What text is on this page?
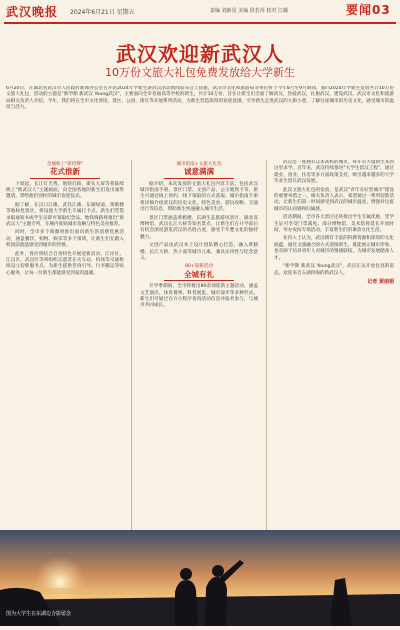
武汉晚报 2024年6月21日 星期五	责编 刘新星 美编 段若芮 校对 江璐	要闻03
武汉欢迎新武汉人
10万份文旅大礼包免费发放给大学新生
6月20日，在湖北省武汉市人民政府新闻办公室召开的2024年学新生游武汉活动新闻发布会上获悉，武汉市文化和旅游局等单位将于今年8月至9月期间，面向2024年学新生发放共计10万份文旅大礼包，活动的主题是"新学期 新武汉 Young武汉"，主要面向全市普通高等学校的新生，共计10万份，旨在让新生们全面了解武汉，热爱武汉，扎根武汉，建设武汉。武汉市文化和旅游局相关负责人介绍，今年，我们将在全市文化场馆、景区、公园、街区等开展系列活动，为新生营造浓厚的欢迎氛围，引导新生走进武汉的大街小巷，了解这座城市的历史文化，感受城市的温度与活力。
全城秋上"新招牌"
花式推新

下周起，长江灯光秀、地铁灯箱、街头大屏等将陆续换上"新武汉人"主题画面，向全国各地的新生们发出诚挚邀请，带给他们别样的城市欢迎仪式。

据了解，在汉口江滩、武昌江滩、东湖绿道、黄鹤楼等地标性景区，将设置大学新生专属打卡点，新生们凭借录取通知书或学生证即可领取纪念品。地铁线路将推出"新武汉人"主题专列，车厢内张贴城市攻略与特色美食推荐。

同时，全市多个商圈将推出面向新生的消费优惠活动，涵盖餐饮、购物、娱乐等多个领域，让新生们在踏入校园前就能感受到城市的热情。

此外，各区将结合自身特色开展迎新活动，江岸区、江汉区、武昌区等将组织志愿者在火车站、机场等交通枢纽设立迎新服务点，为新生提供咨询引导、行李搬运等贴心服务，让每一位新生都能感受到家的温暖。

城市指南+文旅大礼包
诚意满满

据介绍，本次发放的文旅大礼包内容丰富，包括武汉城市指南手册、景区门票、文创产品、公交地铁卡等，新生可通过线上预约、线下领取的方式获取。城市指南手册将详细介绍武汉的历史文化、特色美食、游玩攻略、交通出行等信息，帮助新生快速融入城市生活。

景区门票涵盖黄鹤楼、东湖生态旅游风景区、湖北省博物馆、武汉长江大桥等知名景点，让新生们在开学前后有机会深度游览武汉的名胜古迹，感受千年楚文化的独特魅力。

文创产品由武汉本土设计团队精心打造，融入黄鹤楼、长江大桥、热干面等城市元素，兼具实用性与纪念意义。

80+超新活动
全城有礼

开学季期间，全市将推出80余项迎新主题活动，涵盖文艺演出、体育赛事、科普展览、城市漫步等多种形式。新生们可通过官方小程序查询活动信息并报名参与，与城市共同成长。

武汉是一座拥有众多高校的城市，每年有大量新生来到这里求学。近年来，武汉持续推进"大学生留汉工程"，通过就业、创业、住房等多方面政策支持，吸引越来越多的大学毕业生留在武汉发展。

此次文旅大礼包的发放，是武汉"青年友好型城市"建设的重要举措之一。相关负责人表示，希望通过一系列迎新活动，让新生们第一时间感受到武汉的城市温度，增强对这座城市的认同感和归属感。

活动期间，全市各大景区还将推出学生专属优惠，凭学生证可享受门票减免。部分博物馆、美术馆将延长开放时间，举办夜间专场活动，丰富新生们的课余文化生活。

业内人士认为，武汉拥有丰富的科教资源和深厚的文化底蕴，通过文旅融合的方式迎接新生，既能展示城市形象，也有助于培养青年人对城市的情感联结，为城市发展储备人才。

"新学期 新武汉 Young武汉"，武汉正以开放包容的姿态，欢迎来自五湖四海的新武汉人。

记者 黄丽娟
图为大学生在东湖边合影留念
